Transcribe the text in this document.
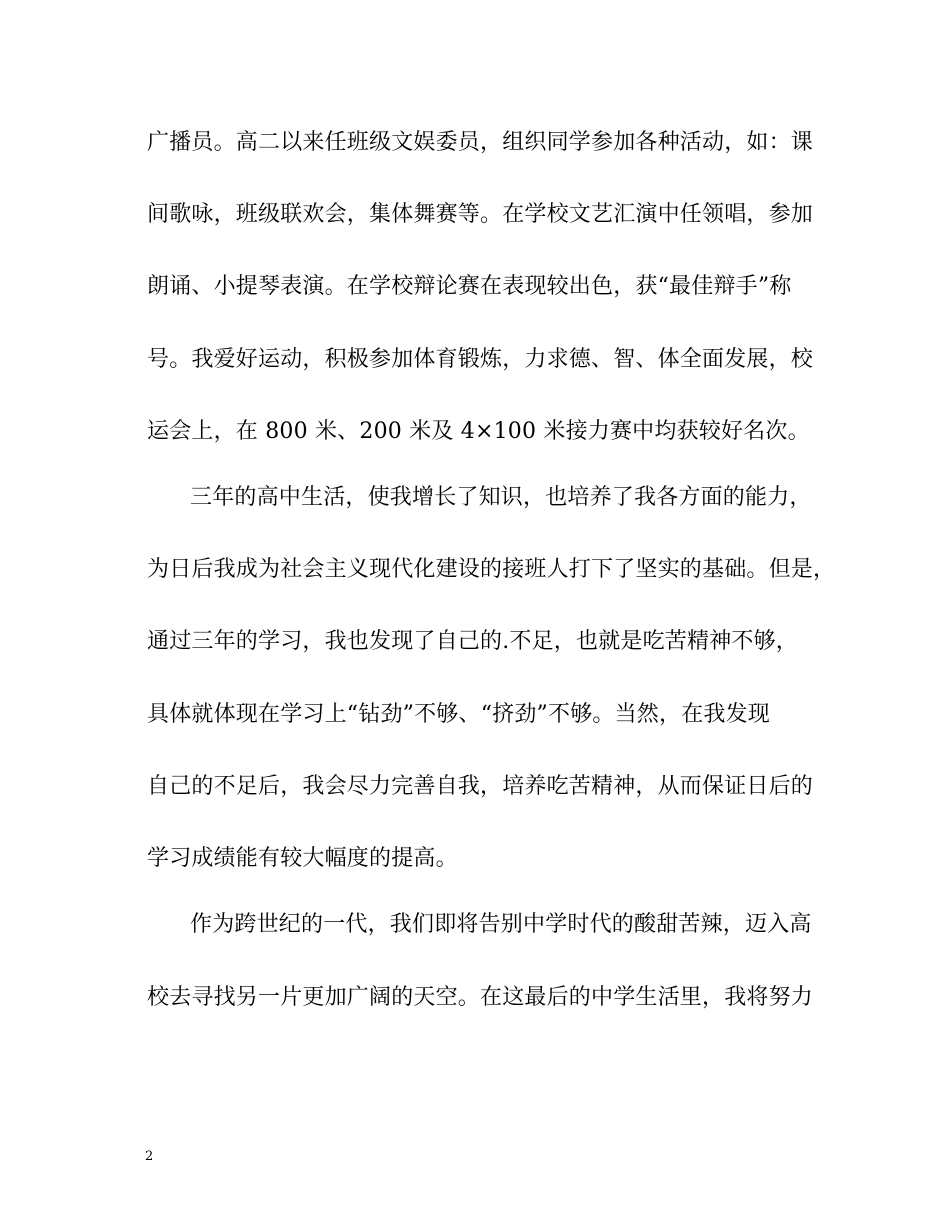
广播员。高二以来任班级文娱委员，组织同学参加各种活动，如：课
间歌咏，班级联欢会，集体舞赛等。在学校文艺汇演中任领唱，参加
朗诵、小提琴表演。在学校辩论赛在表现较出色，获“最佳辩手”称
号。我爱好运动，积极参加体育锻炼，力求德、智、体全面发展，校
运会上，在 800 米、200 米及 4×100 米接力赛中均获较好名次。
三年的高中生活，使我增长了知识，也培养了我各方面的能力，
为日后我成为社会主义现代化建设的接班人打下了坚实的基础。但是，
通过三年的学习，我也发现了自己的.不足，也就是吃苦精神不够，
具体就体现在学习上“钻劲”不够、“挤劲”不够。当然，在我发现
自己的不足后，我会尽力完善自我，培养吃苦精神，从而保证日后的
学习成绩能有较大幅度的提高。
作为跨世纪的一代，我们即将告别中学时代的酸甜苦辣，迈入高
校去寻找另一片更加广阔的天空。在这最后的中学生活里，我将努力
2
